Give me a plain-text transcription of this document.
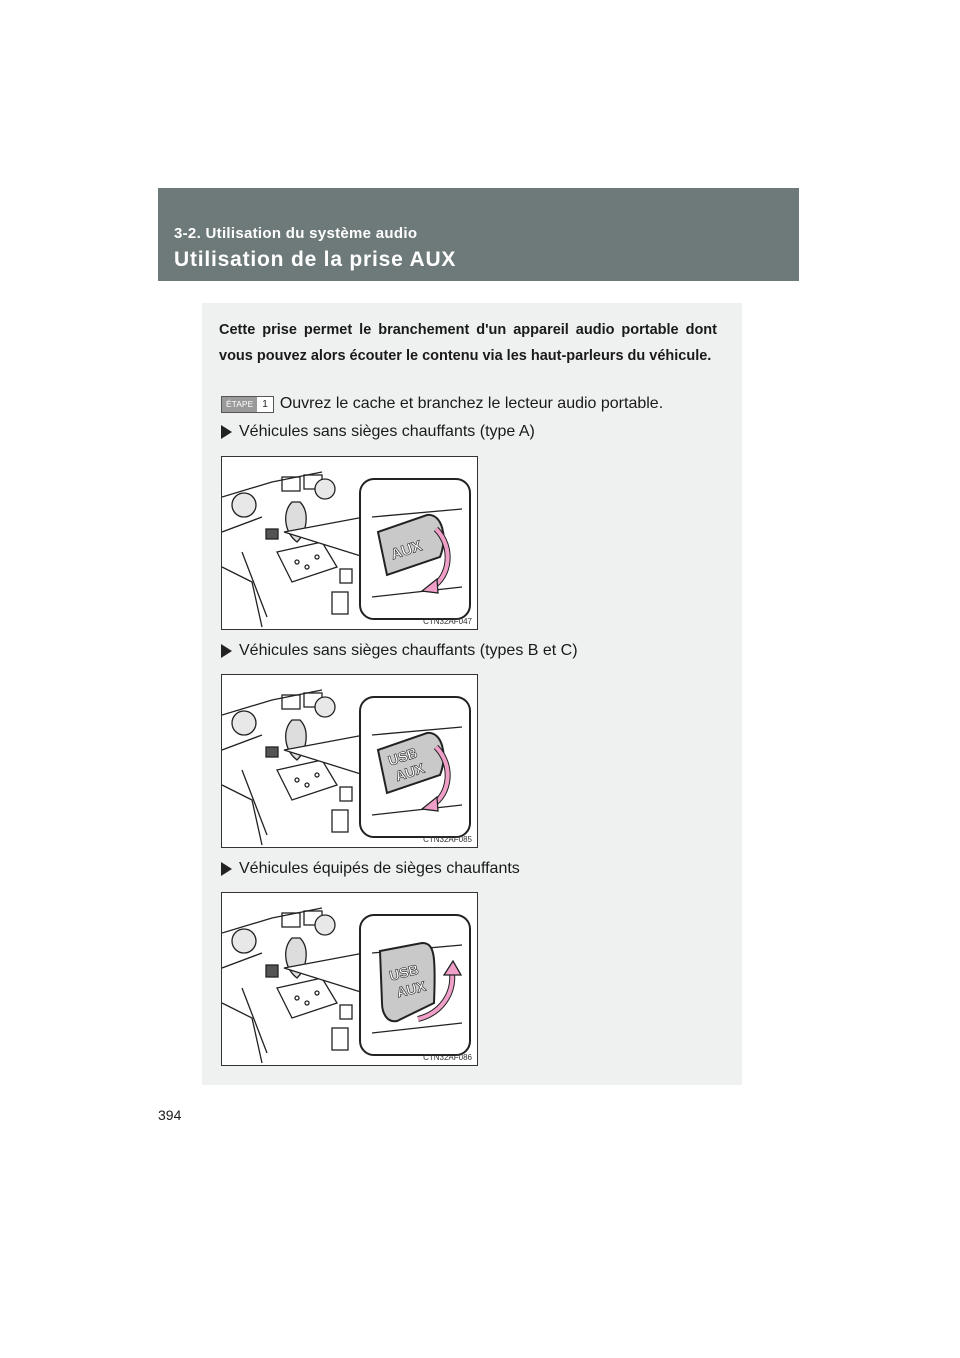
3-2. Utilisation du système audio
Utilisation de la prise AUX
Cette prise permet le branchement d'un appareil audio portable dont vous pouvez alors écouter le contenu via les haut-parleurs du véhicule.
ÉTAPE 1 Ouvrez le cache et branchez le lecteur audio portable.
Véhicules sans sièges chauffants (type A)
AUX
CTN32AF047
Véhicules sans sièges chauffants (types B et C)
USB
AUX
CTN32AF085
Véhicules équipés de sièges chauffants
USB
AUX
CTN32AF086
394
